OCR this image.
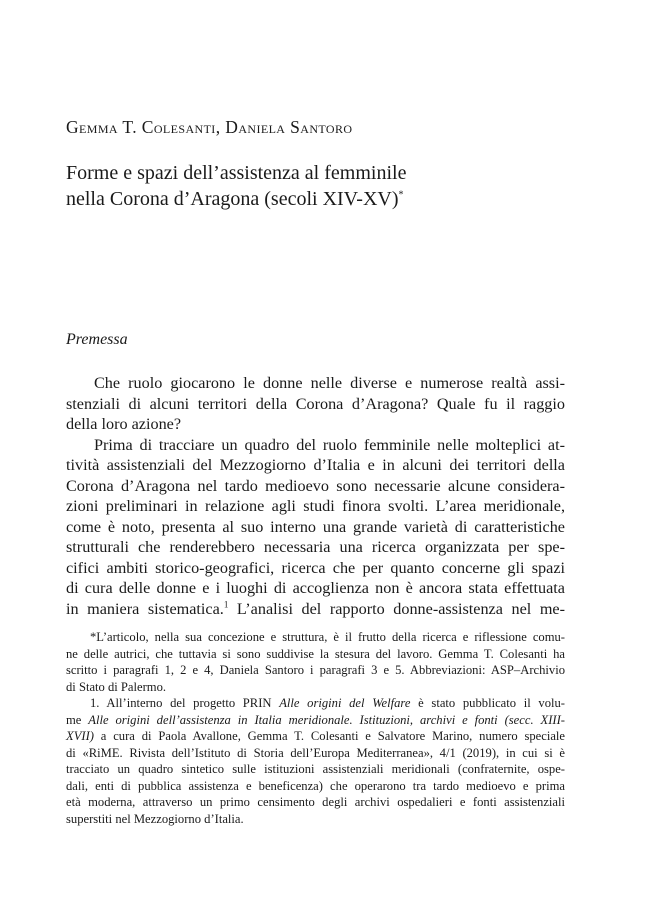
Gemma T. Colesanti, Daniela Santoro
Forme e spazi dell’assistenza al femminile
nella Corona d’Aragona (secoli XIV-XV)*
Premessa
Che ruolo giocarono le donne nelle diverse e numerose realtà assi-
stenziali di alcuni territori della Corona d’Aragona? Quale fu il raggio
della loro azione?
Prima di tracciare un quadro del ruolo femminile nelle molteplici at-
tività assistenziali del Mezzogiorno d’Italia e in alcuni dei territori della
Corona d’Aragona nel tardo medioevo sono necessarie alcune considera-
zioni preliminari in relazione agli studi finora svolti. L’area meridionale,
come è noto, presenta al suo interno una grande varietà di caratteristiche
strutturali che renderebbero necessaria una ricerca organizzata per spe-
cifici ambiti storico-geografici, ricerca che per quanto concerne gli spazi
di cura delle donne e i luoghi di accoglienza non è ancora stata effettuata
in maniera sistematica.$^1$ L’analisi del rapporto donne-assistenza nel me-
*L’articolo, nella sua concezione e struttura, è il frutto della ricerca e riflessione comu-
ne delle autrici, che tuttavia si sono suddivise la stesura del lavoro. Gemma T. Colesanti ha
scritto i paragrafi 1, 2 e 4, Daniela Santoro i paragrafi 3 e 5. Abbreviazioni: ASP–Archivio
di Stato di Palermo.
1. All’interno del progetto PRIN Alle origini del Welfare è stato pubblicato il volu-
me Alle origini dell’assistenza in Italia meridionale. Istituzioni, archivi e fonti (secc. XIII-
XVII) a cura di Paola Avallone, Gemma T. Colesanti e Salvatore Marino, numero speciale
di «RiME. Rivista dell’Istituto di Storia dell’Europa Mediterranea», 4/1 (2019), in cui si è
tracciato un quadro sintetico sulle istituzioni assistenziali meridionali (confraternite, ospe-
dali, enti di pubblica assistenza e beneficenza) che operarono tra tardo medioevo e prima
età moderna, attraverso un primo censimento degli archivi ospedalieri e fonti assistenziali
superstiti nel Mezzogiorno d’Italia.
